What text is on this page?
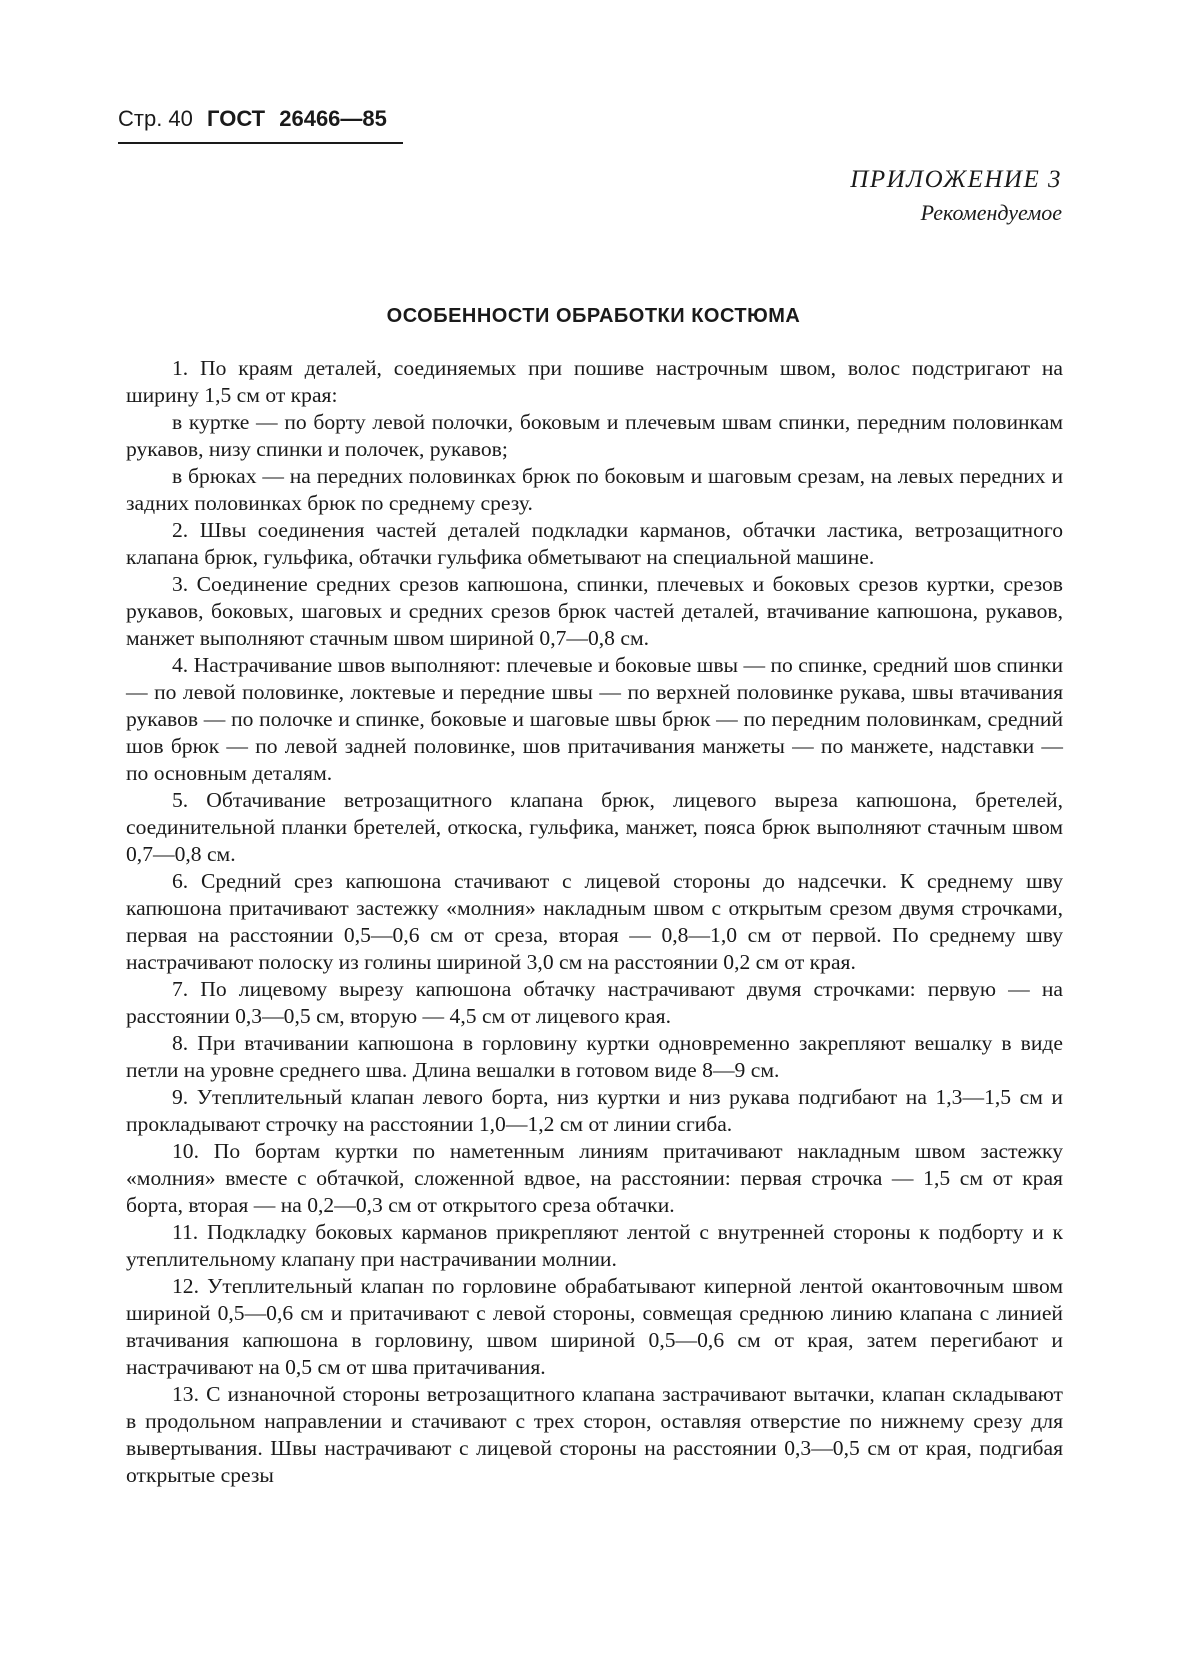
Стр. 40 ГОСТ 26466—85
ПРИЛОЖЕНИЕ 3
Рекомендуемое
ОСОБЕННОСТИ ОБРАБОТКИ КОСТЮМА

1. По краям деталей, соединяемых при пошиве настрочным швом, волос подстригают на ширину 1,5 см от края:

в куртке — по борту левой полочки, боковым и плечевым швам спинки, передним половинкам рукавов, низу спинки и полочек, рукавов;

в брюках — на передних половинках брюк по боковым и шаговым срезам, на левых передних и задних половинках брюк по среднему срезу.

2. Швы соединения частей деталей подкладки карманов, обтачки ластика, ветрозащитного клапана брюк, гульфика, обтачки гульфика обметывают на специальной машине.

3. Соединение средних срезов капюшона, спинки, плечевых и боковых срезов куртки, срезов рукавов, боковых, шаговых и средних срезов брюк частей деталей, втачивание капюшона, рукавов, манжет выполняют стачным швом шириной 0,7—0,8 см.

4. Настрачивание швов выполняют: плечевые и боковые швы — по спинке, средний шов спинки — по левой половинке, локтевые и передние швы — по верхней половинке рукава, швы втачивания рукавов — по полочке и спинке, боковые и шаговые швы брюк — по передним половинкам, средний шов брюк — по левой задней половинке, шов притачивания манжеты — по манжете, надставки — по основным деталям.

5. Обтачивание ветрозащитного клапана брюк, лицевого выреза капюшона, бретелей, соединительной планки бретелей, откоска, гульфика, манжет, пояса брюк выполняют стачным швом 0,7—0,8 см.

6. Средний срез капюшона стачивают с лицевой стороны до надсечки. К среднему шву капюшона притачивают застежку «молния» накладным швом с открытым срезом двумя строчками, первая на расстоянии 0,5—0,6 см от среза, вторая — 0,8—1,0 см от первой. По среднему шву настрачивают полоску из голины шириной 3,0 см на расстоянии 0,2 см от края.

7. По лицевому вырезу капюшона обтачку настрачивают двумя строчками: первую — на расстоянии 0,3—0,5 см, вторую — 4,5 см от лицевого края.

8. При втачивании капюшона в горловину куртки одновременно закрепляют вешалку в виде петли на уровне среднего шва. Длина вешалки в готовом виде 8—9 см.

9. Утеплительный клапан левого борта, низ куртки и низ рукава подгибают на 1,3—1,5 см и прокладывают строчку на расстоянии 1,0—1,2 см от линии сгиба.

10. По бортам куртки по наметенным линиям притачивают накладным швом застежку «молния» вместе с обтачкой, сложенной вдвое, на расстоянии: первая строчка — 1,5 см от края борта, вторая — на 0,2—0,3 см от открытого среза обтачки.

11. Подкладку боковых карманов прикрепляют лентой с внутренней стороны к подборту и к утеплительному клапану при настрачивании молнии.

12. Утеплительный клапан по горловине обрабатывают киперной лентой окантовочным швом шириной 0,5—0,6 см и притачивают с левой стороны, совмещая среднюю линию клапана с линией втачивания капюшона в горловину, швом шириной 0,5—0,6 см от края, затем перегибают и настрачивают на 0,5 см от шва притачивания.

13. С изнаночной стороны ветрозащитного клапана застрачивают вытачки, клапан складывают в продольном направлении и стачивают с трех сторон, оставляя отверстие по нижнему срезу для вывертывания. Швы настрачивают с лицевой стороны на расстоянии 0,3—0,5 см от края, подгибая открытые срезы
